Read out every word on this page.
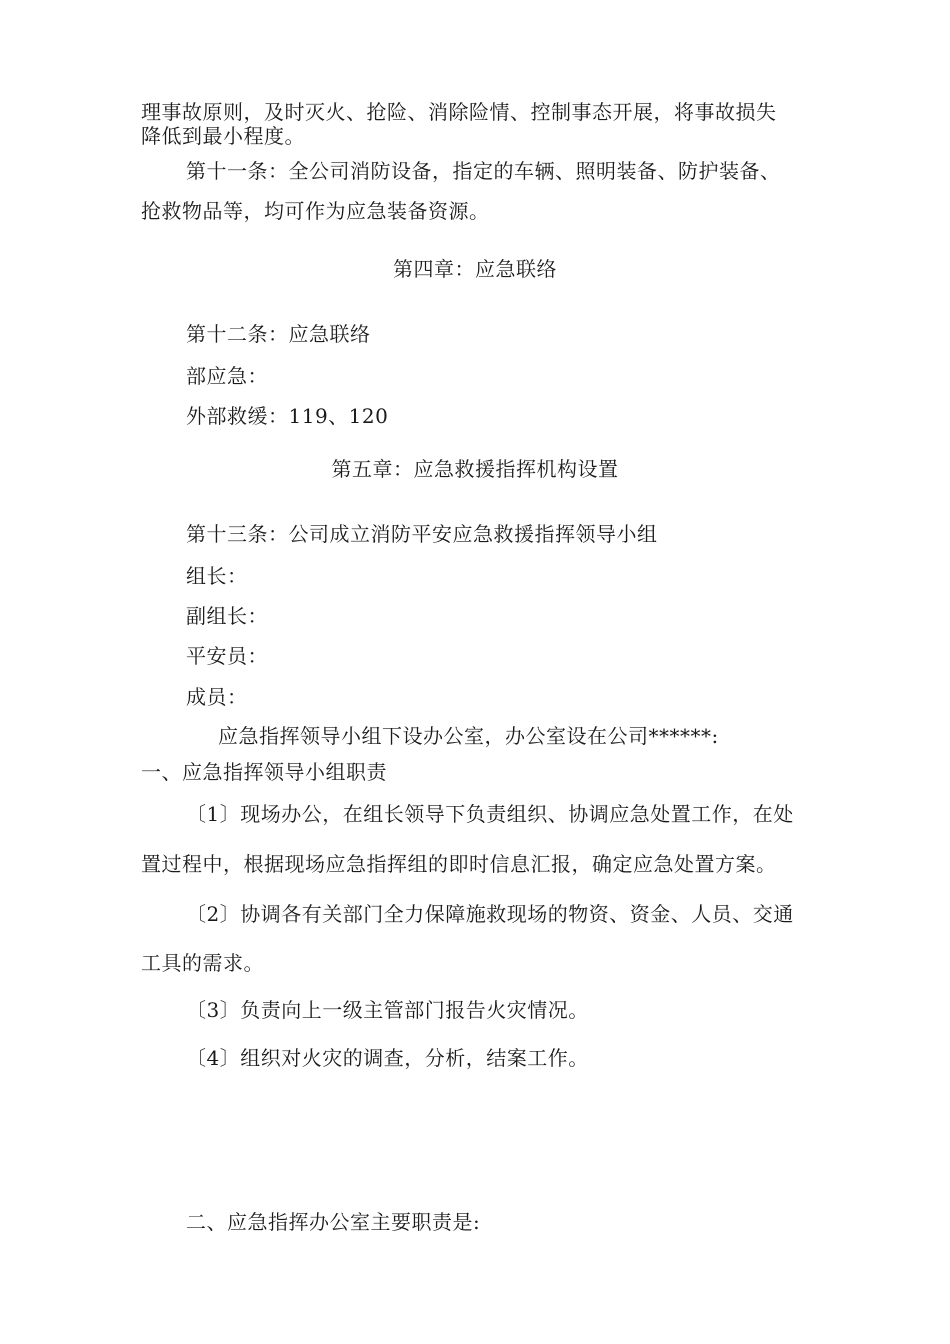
理事故原则，及时灭火、抢险、消除险情、控制事态开展，将事故损失
降低到最小程度。
第十一条：全公司消防设备，指定的车辆、照明装备、防护装备、
抢救物品等，均可作为应急装备资源。
第四章：应急联络
第十二条：应急联络
部应急：
外部救缓：119、120
第五章：应急救援指挥机构设置
第十三条：公司成立消防平安应急救援指挥领导小组
组长：
副组长：
平安员：
成员：
应急指挥领导小组下设办公室，办公室设在公司******:
一、应急指挥领导小组职责
〔1〕现场办公，在组长领导下负责组织、协调应急处置工作，在处
置过程中，根据现场应急指挥组的即时信息汇报，确定应急处置方案。
〔2〕协调各有关部门全力保障施救现场的物资、资金、人员、交通
工具的需求。
〔3〕负责向上一级主管部门报告火灾情况。
〔4〕组织对火灾的调查，分析，结案工作。
二、应急指挥办公室主要职责是:
